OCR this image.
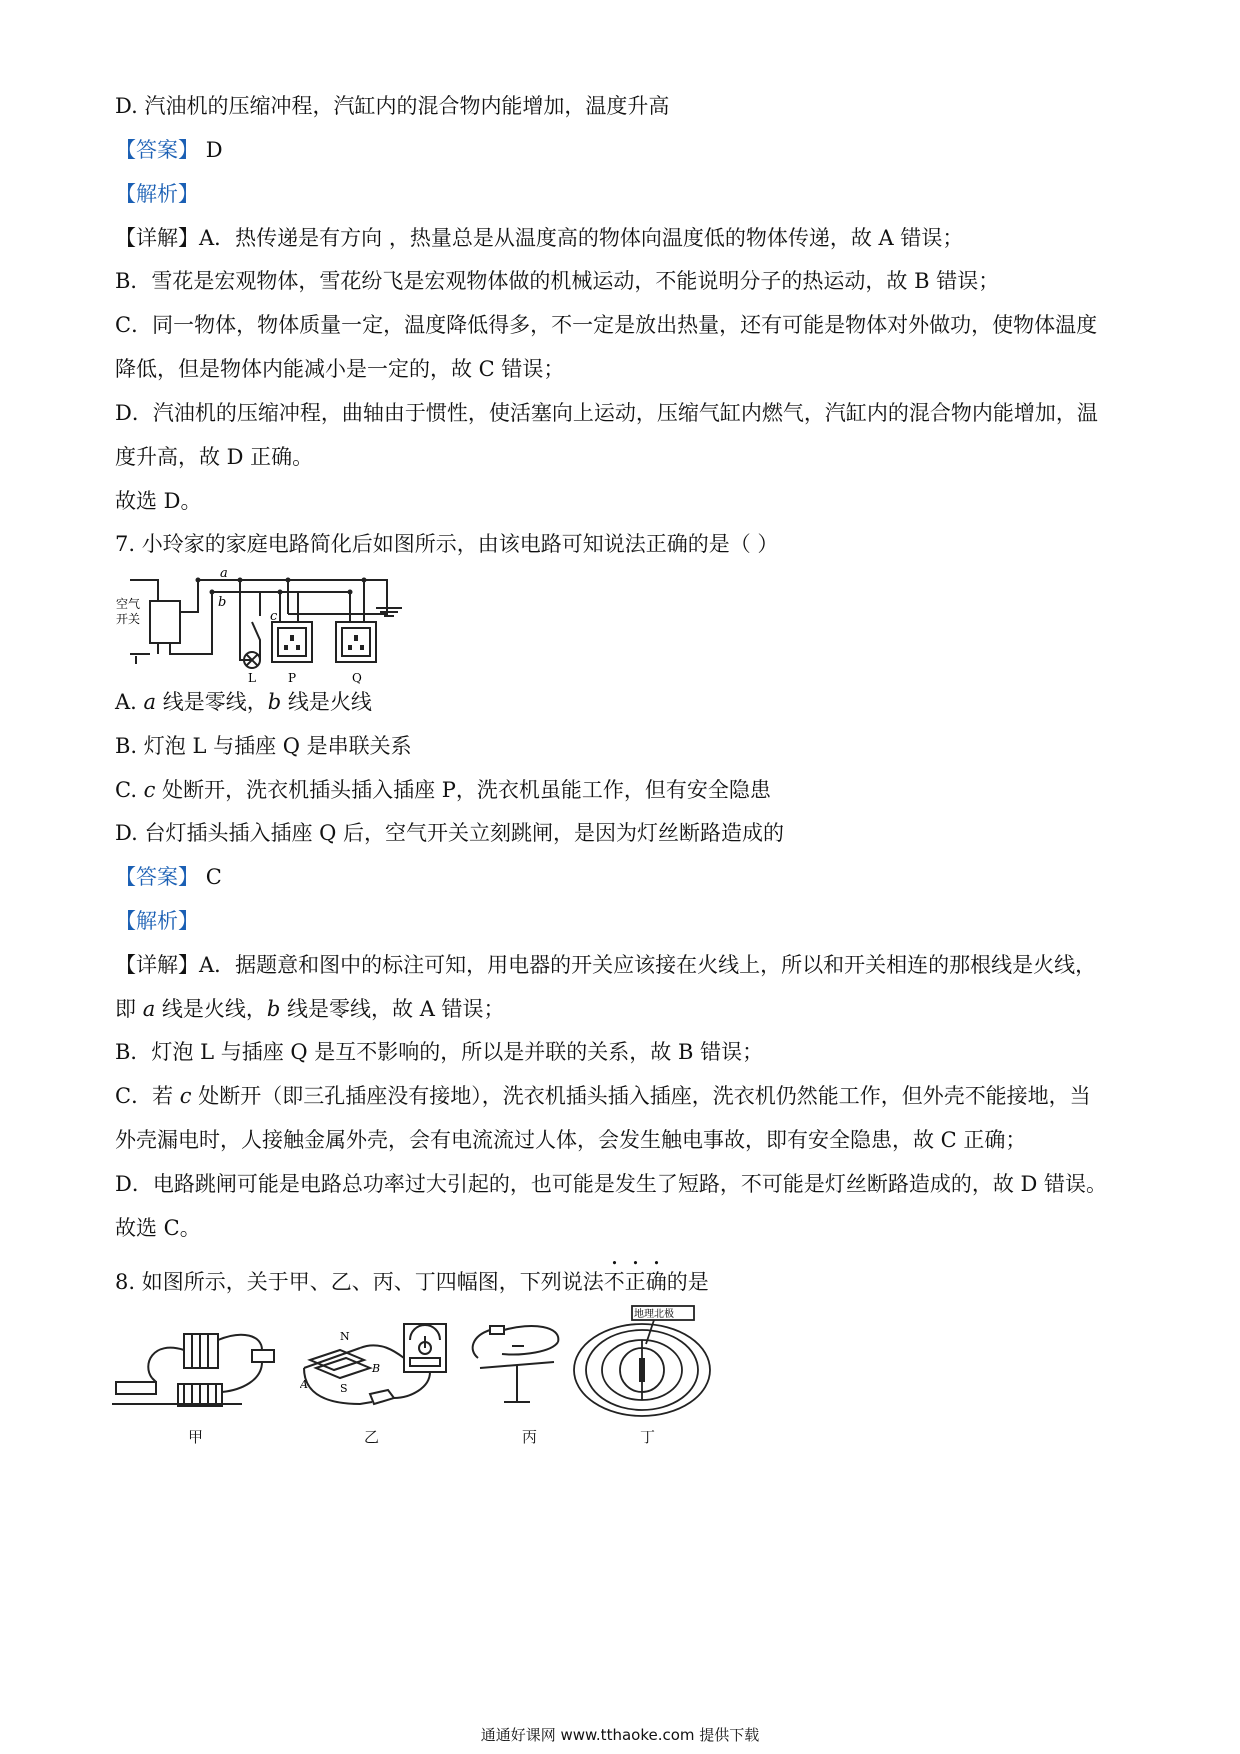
D. 汽油机的压缩冲程，汽缸内的混合物内能增加，温度升高
【答案】 D
【解析】
【详解】A．热传递是有方向 ，热量总是从温度高的物体向温度低的物体传递，故 A 错误；
B．雪花是宏观物体，雪花纷飞是宏观物体做的机械运动，不能说明分子的热运动，故 B 错误；
C．同一物体，物体质量一定，温度降低得多，不一定是放出热量，还有可能是物体对外做功，使物体温度
降低，但是物体内能减小是一定的，故 C 错误；
D．汽油机的压缩冲程，曲轴由于惯性，使活塞向上运动，压缩气缸内燃气，汽缸内的混合物内能增加，温
度升高，故 D 正确。
故选 D。
7. 小玲家的家庭电路简化后如图所示，由该电路可知说法正确的是（ ）
空气
开关
a
b
c
L	P	Q
A. a 线是零线，b 线是火线
B. 灯泡 L 与插座 Q 是串联关系
C. c 处断开，洗衣机插头插入插座 P，洗衣机虽能工作，但有安全隐患
D. 台灯插头插入插座 Q 后，空气开关立刻跳闸，是因为灯丝断路造成的
【答案】 C
【解析】
【详解】A．据题意和图中的标注可知，用电器的开关应该接在火线上，所以和开关相连的那根线是火线，
即 a 线是火线，b 线是零线，故 A 错误；
B．灯泡 L 与插座 Q 是互不影响的，所以是并联的关系，故 B 错误；
C．若 c 处断开（即三孔插座没有接地），洗衣机插头插入插座，洗衣机仍然能工作，但外壳不能接地，当
外壳漏电时，人接触金属外壳，会有电流流过人体，会发生触电事故，即有安全隐患，故 C 正确；
D．电路跳闸可能是电路总功率过大引起的，也可能是发生了短路，不可能是灯丝断路造成的，故 D 错误。
故选 C。
8. 如图所示，关于甲、乙、丙、丁四幅图，下列说法不正确的是
甲
N
B
A	S
乙	丙
地理北极
丁
通通好课网 www.tthaoke.com 提供下载
